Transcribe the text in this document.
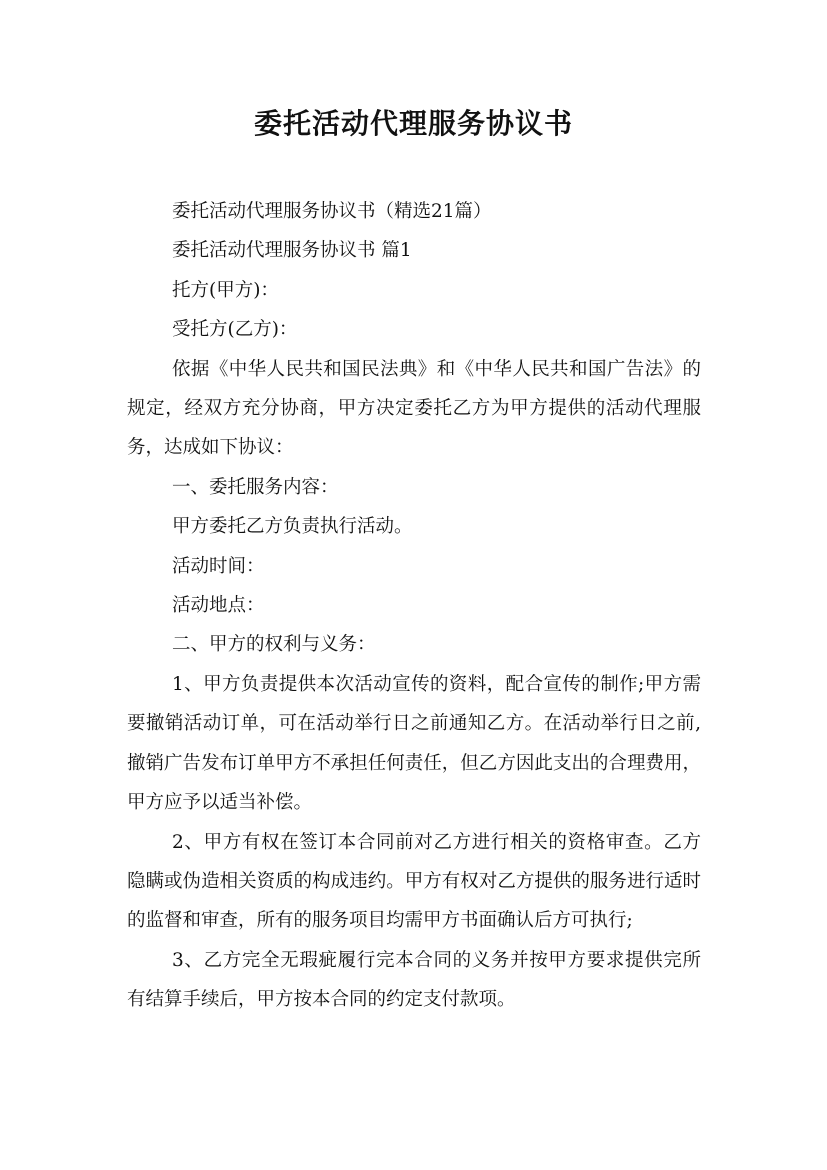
委托活动代理服务协议书

委托活动代理服务协议书（精选21篇）

委托活动代理服务协议书 篇1

托方(甲方)：

受托方(乙方)：

依据《中华人民共和国民法典》和《中华人民共和国广告法》的规定，经双方充分协商，甲方决定委托乙方为甲方提供的活动代理服务，达成如下协议：

一、委托服务内容：

甲方委托乙方负责执行活动。

活动时间：

活动地点：

二、甲方的权利与义务：

1、甲方负责提供本次活动宣传的资料，配合宣传的制作;甲方需要撤销活动订单，可在活动举行日之前通知乙方。在活动举行日之前,撤销广告发布订单甲方不承担任何责任，但乙方因此支出的合理费用，甲方应予以适当补偿。

2、甲方有权在签订本合同前对乙方进行相关的资格审查。乙方隐瞒或伪造相关资质的构成违约。甲方有权对乙方提供的服务进行适时的监督和审查，所有的服务项目均需甲方书面确认后方可执行;

3、乙方完全无瑕疵履行完本合同的义务并按甲方要求提供完所有结算手续后，甲方按本合同的约定支付款项。
